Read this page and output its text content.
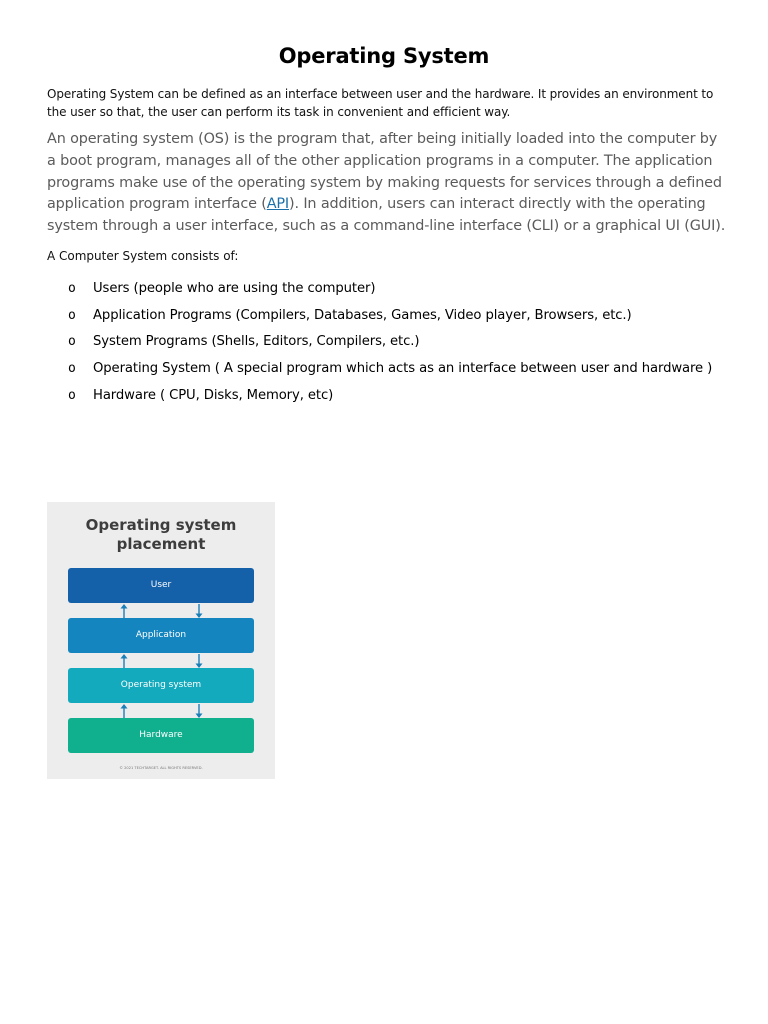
Operating System
Operating System can be defined as an interface between user and the hardware. It provides an environment to the user so that, the user can perform its task in convenient and efficient way.
An operating system (OS) is the program that, after being initially loaded into the computer by a boot program, manages all of the other application programs in a computer. The application programs make use of the operating system by making requests for services through a defined application program interface (API). In addition, users can interact directly with the operating system through a user interface, such as a command-line interface (CLI) or a graphical UI (GUI).
A Computer System consists of:
o Users (people who are using the computer)
o Application Programs (Compilers, Databases, Games, Video player, Browsers, etc.)
o System Programs (Shells, Editors, Compilers, etc.)
o Operating System ( A special program which acts as an interface between user and hardware )
o Hardware ( CPU, Disks, Memory, etc)
Operating system
placement
User
Application
Operating system
Hardware
© 2021 TECHTARGET. ALL RIGHTS RESERVED.
